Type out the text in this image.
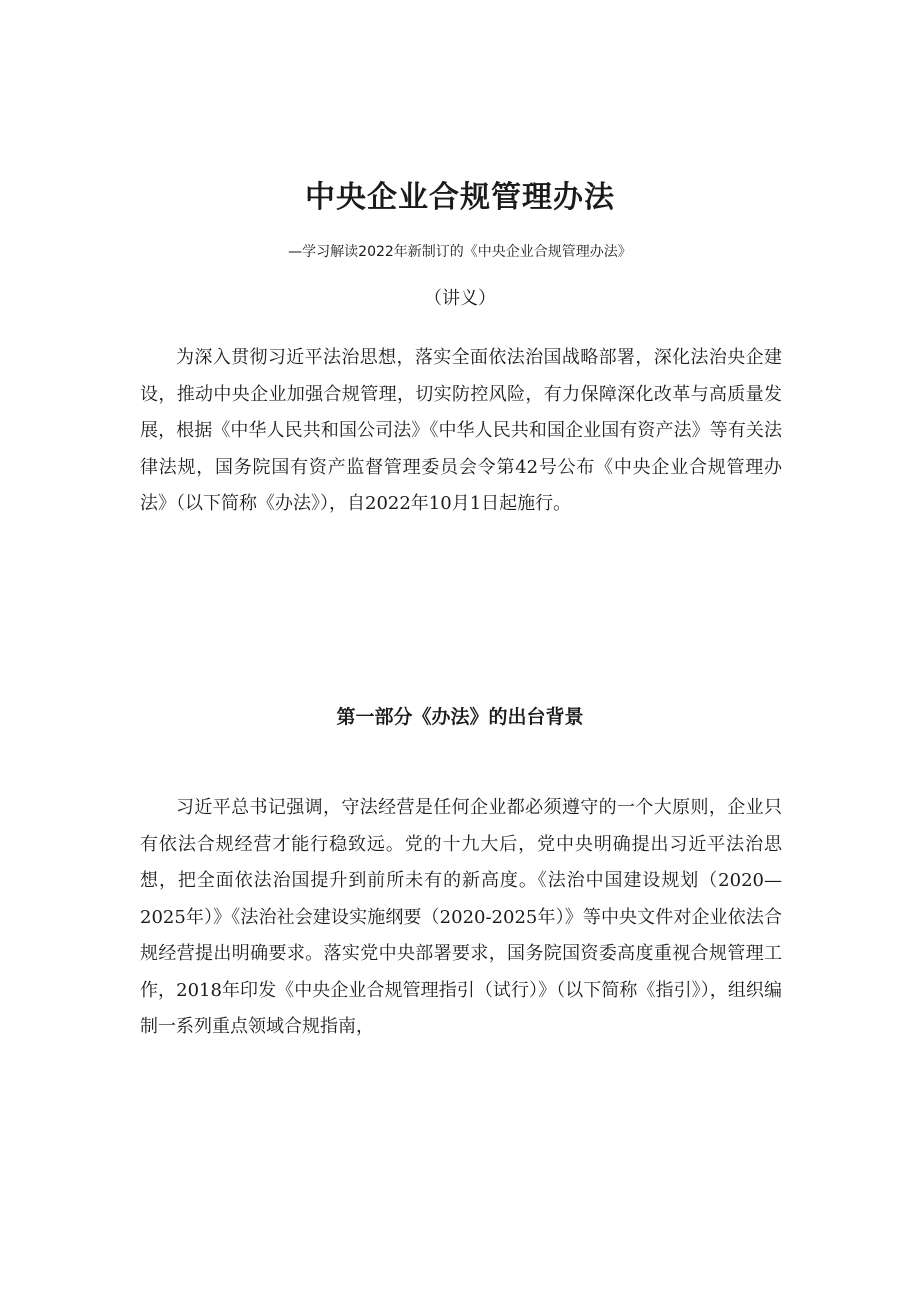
中央企业合规管理办法

—学习解读2022年新制订的《中央企业合规管理办法》

（讲义）

为深入贯彻习近平法治思想，落实全面依法治国战略部署，深化法治央企建设，推动中央企业加强合规管理，切实防控风险，有力保障深化改革与高质量发展，根据《中华人民共和国公司法》《中华人民共和国企业国有资产法》等有关法律法规，国务院国有资产监督管理委员会令第42号公布《中央企业合规管理办法》（以下简称《办法》），自2022年10月1日起施行。

第一部分《办法》的出台背景

习近平总书记强调，守法经营是任何企业都必须遵守的一个大原则，企业只有依法合规经营才能行稳致远。党的十九大后，党中央明确提出习近平法治思想，把全面依法治国提升到前所未有的新高度。《法治中国建设规划（2020—2025年）》《法治社会建设实施纲要（2020-2025年）》等中央文件对企业依法合规经营提出明确要求。落实党中央部署要求，国务院国资委高度重视合规管理工作，2018年印发《中央企业合规管理指引（试行）》（以下简称《指引》），组织编制一系列重点领域合规指南，
